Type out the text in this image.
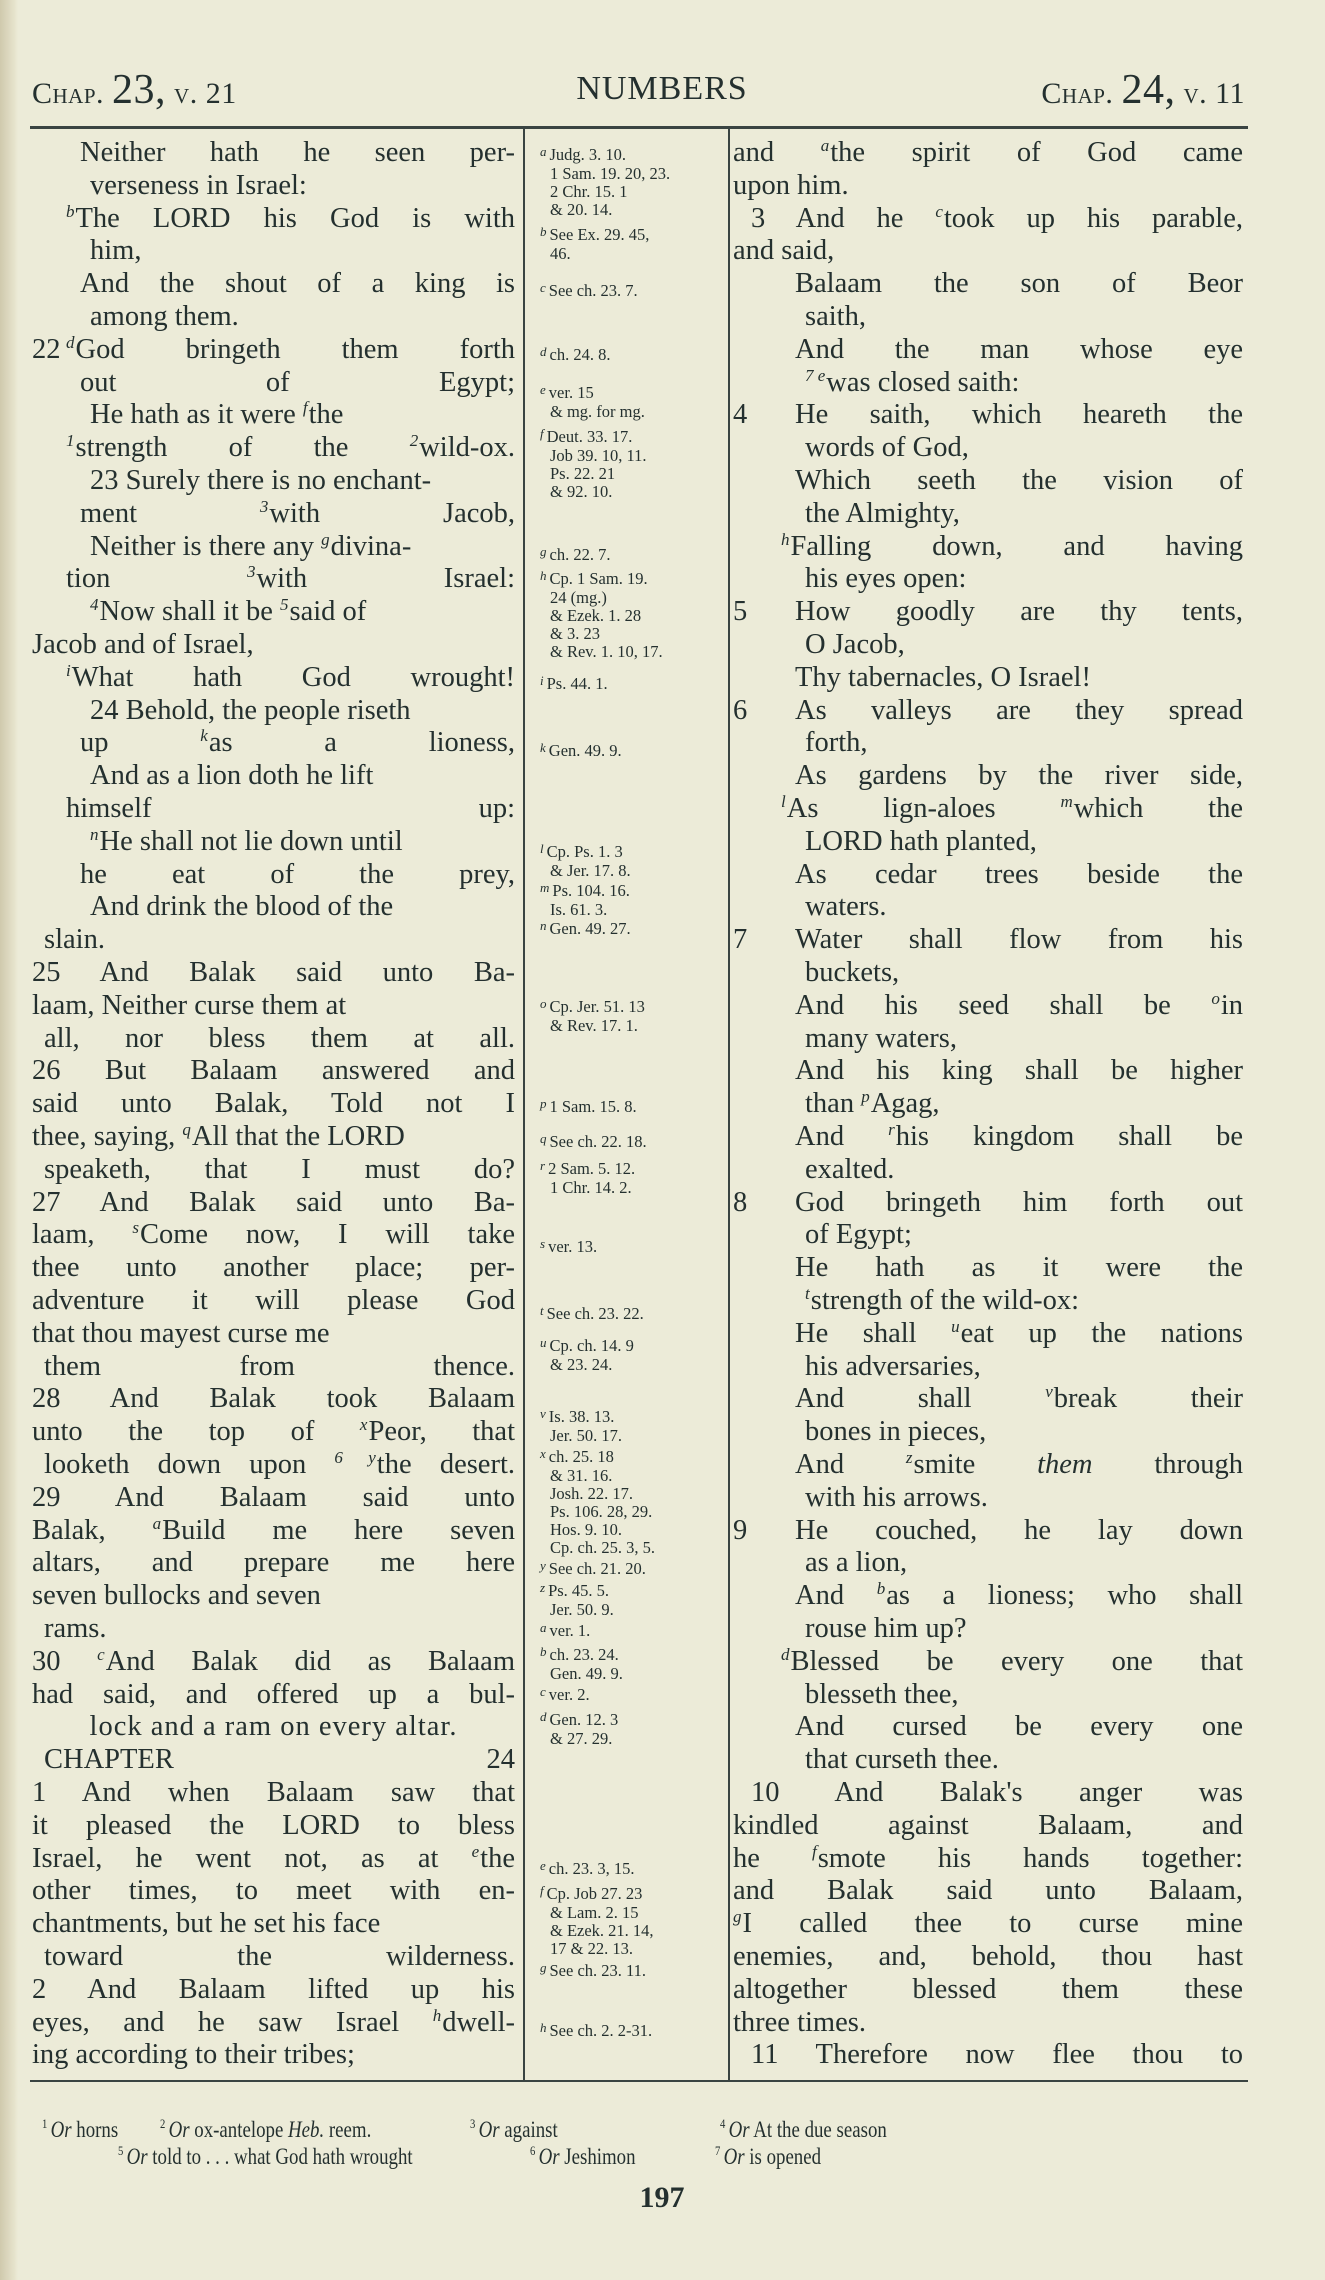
Chap. 23, v. 21	NUMBERS	Chap. 24, v. 11
Neither hath he seen per-
verseness in Israel:
$^b$The LORD his God is with
him,
And the shout of a king is
among them.
22 $^d$God bringeth them forth
out of Egypt;
He hath as it were $^f$the
$^1$strength of the $^2$wild-ox.
23 Surely there is no enchant-
ment $^3$with Jacob,
Neither is there any $^g$divina-
tion $^3$with Israel:
$^4$Now shall it be $^5$said of
Jacob and of Israel,
$^i$What hath God wrought!
24 Behold, the people riseth
up $^k$as a lioness,
And as a lion doth he lift
himself up:
$^n$He shall not lie down until
he eat of the prey,
And drink the blood of the
slain.
25 And Balak said unto Ba-
laam, Neither curse them at
all, nor bless them at all.
26 But Balaam answered and
said unto Balak, Told not I
thee, saying, $^q$All that the LORD
speaketh, that I must do?
27 And Balak said unto Ba-
laam, $^s$Come now, I will take
thee unto another place; per-
adventure it will please God
that thou mayest curse me
them from thence.
28 And Balak took Balaam
unto the top of $^x$Peor, that
looketh down upon $^{6 y}$the desert.
29 And Balaam said unto
Balak, $^a$Build me here seven
altars, and prepare me here
seven bullocks and seven
rams.
30 $^c$And Balak did as Balaam
had said, and offered up a bul-
lock and a ram on every altar.
CHAPTER 24
1 And when Balaam saw that
it pleased the LORD to bless
Israel, he went not, as at $^e$the
other times, to meet with en-
chantments, but he set his face
toward the wilderness.
2 And Balaam lifted up his
eyes, and he saw Israel $^h$dwell-
ing according to their tribes;
$^a$ Judg. 3. 10.
1 Sam. 19. 20, 23.
2 Chr. 15. 1
& 20. 14.
$^b$ See Ex. 29. 45,
46.
$^c$ See ch. 23. 7.
$^d$ ch. 24. 8.
$^e$ ver. 15
& mg. for mg.
$^f$ Deut. 33. 17.
Job 39. 10, 11.
Ps. 22. 21
& 92. 10.
$^g$ ch. 22. 7.
$^h$ Cp. 1 Sam. 19.
24 (mg.)
& Ezek. 1. 28
& 3. 23
& Rev. 1. 10, 17.
$^i$ Ps. 44. 1.
$^k$ Gen. 49. 9.
$^l$ Cp. Ps. 1. 3
& Jer. 17. 8.
$^m$ Ps. 104. 16.
Is. 61. 3.
$^n$ Gen. 49. 27.
$^o$ Cp. Jer. 51. 13
& Rev. 17. 1.
$^p$ 1 Sam. 15. 8.
$^q$ See ch. 22. 18.
$^r$ 2 Sam. 5. 12.
1 Chr. 14. 2.
$^s$ ver. 13.
$^t$ See ch. 23. 22.
$^u$ Cp. ch. 14. 9
& 23. 24.
$^v$ Is. 38. 13.
Jer. 50. 17.
$^x$ ch. 25. 18
& 31. 16.
Josh. 22. 17.
Ps. 106. 28, 29.
Hos. 9. 10.
Cp. ch. 25. 3, 5.
$^y$ See ch. 21. 20.
$^z$ Ps. 45. 5.
Jer. 50. 9.
$^a$ ver. 1.
$^b$ ch. 23. 24.
Gen. 49. 9.
$^c$ ver. 2.
$^d$ Gen. 12. 3
& 27. 29.
$^e$ ch. 23. 3, 15.
$^f$ Cp. Job 27. 23
& Lam. 2. 15
& Ezek. 21. 14,
17 & 22. 13.
$^g$ See ch. 23. 11.
$^h$ See ch. 2. 2-31.
and $^a$the spirit of God came
upon him.
3 And he $^c$took up his parable,
and said,
Balaam the son of Beor
saith,
And the man whose eye
$^{7 e}$was closed saith:
4 He saith, which heareth the
words of God,
Which seeth the vision of
the Almighty,
$^h$Falling down, and having
his eyes open:
5 How goodly are thy tents,
O Jacob,
Thy tabernacles, O Israel!
6 As valleys are they spread
forth,
As gardens by the river side,
$^l$As lign-aloes $^m$which the
LORD hath planted,
As cedar trees beside the
waters.
7 Water shall flow from his
buckets,
And his seed shall be $^o$in
many waters,
And his king shall be higher
than $^p$Agag,
And $^r$his kingdom shall be
exalted.
8 God bringeth him forth out
of Egypt;
He hath as it were the
$^t$strength of the wild-ox:
He shall $^u$eat up the nations
his adversaries,
And shall $^v$break their
bones in pieces,
And $^z$smite them through
with his arrows.
9 He couched, he lay down
as a lion,
And $^b$as a lioness; who shall
rouse him up?
$^d$Blessed be every one that
blesseth thee,
And cursed be every one
that curseth thee.
10 And Balak's anger was
kindled against Balaam, and
he $^f$smote his hands together:
and Balak said unto Balaam,
$^g$I called thee to curse mine
enemies, and, behold, thou hast
altogether blessed them these
three times.
11 Therefore now flee thou to
$^1$ Or horns	$^2$ Or ox-antelope Heb. reem.	$^3$ Or against	$^4$ Or At the due season
$^5$ Or told to . . . what God hath wrought	$^6$ Or Jeshimon	$^7$ Or is opened
197
